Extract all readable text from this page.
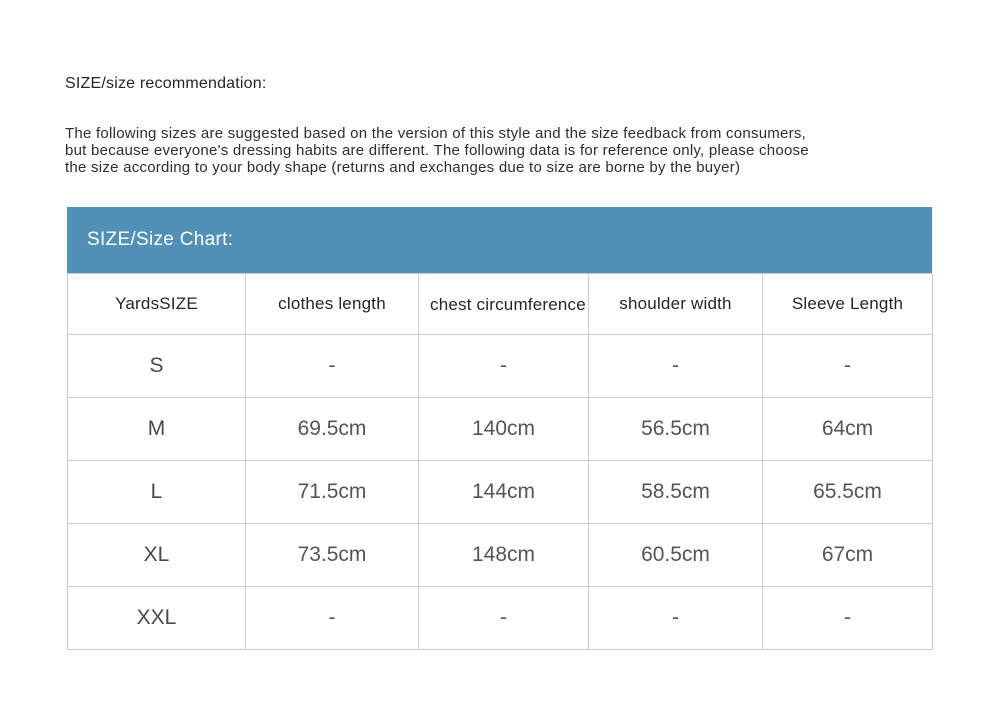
SIZE/size recommendation:
The following sizes are suggested based on the version of this style and the size feedback from consumers,
but because everyone's dressing habits are different. The following data is for reference only, please choose
the size according to your body shape (returns and exchanges due to size are borne by the buyer)
SIZE/Size Chart:
YardsSIZE	clothes length	chest circumference	shoulder width	Sleeve Length
S	-	-	-	-
M	69.5cm	140cm	56.5cm	64cm
L	71.5cm	144cm	58.5cm	65.5cm
XL	73.5cm	148cm	60.5cm	67cm
XXL	-	-	-	-
